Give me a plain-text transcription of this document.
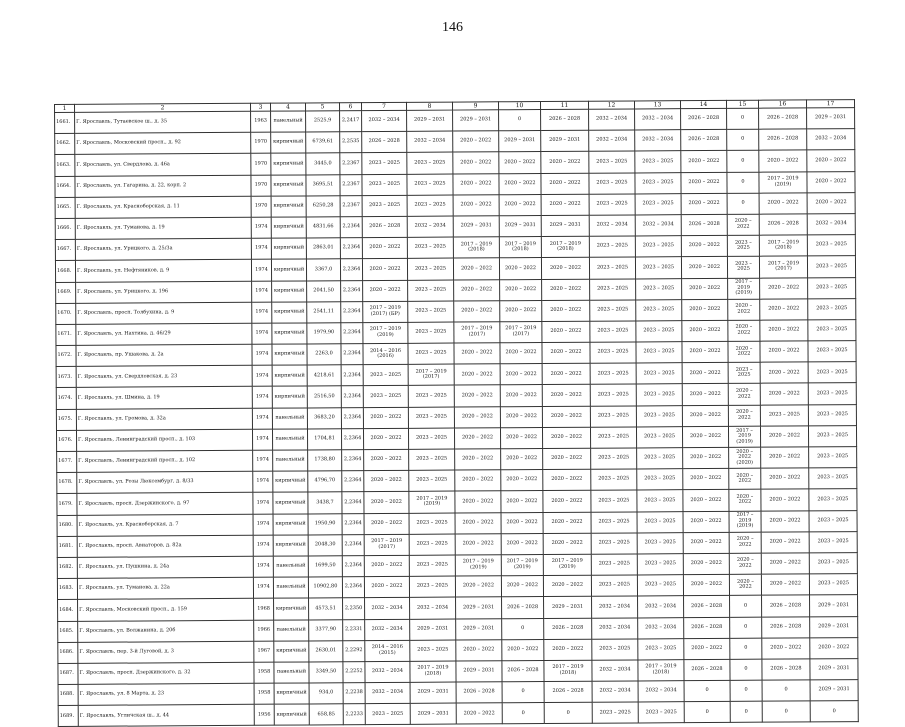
146
1	2	3	4	5	6	7	8	9	10	11	12	13	14	15	16	17
1661.	Г. Ярославль, Тутаевское ш., д. 35	1963	панельный	2525,9	2,2417	2032 – 2034	2029 – 2031	2029 – 2031	0	2026 – 2028	2032 – 2034	2032 – 2034	2026 – 2028	0	2026 – 2028	2029 – 2031
1662.	Г. Ярославль, Московский просп., д. 92	1970	кирпичный	6739,61	2,2535	2026 – 2028	2032 – 2034	2020 – 2022	2029 – 2031	2029 – 2031	2032 – 2034	2032 – 2034	2026 – 2028	0	2026 – 2028	2032 – 2034
1663.	Г. Ярославль, ул. Свердлова, д. 46а	1970	кирпичный	3445,0	2,2367	2023 – 2025	2023 – 2025	2020 – 2022	2020 – 2022	2020 – 2022	2023 – 2025	2023 – 2025	2020 – 2022	0	2020 – 2022	2020 – 2022
1664.	Г. Ярославль, ул. Гагарина, д. 22, корп. 2	1970	кирпичный	3695,51	2,2367	2023 – 2025	2023 – 2025	2020 – 2022	2020 – 2022	2020 – 2022	2023 – 2025	2023 – 2025	2020 – 2022	0	2017 – 2019 (2019)	2020 – 2022
1665.	Г. Ярославль, ул. Красноборская, д. 11	1970	кирпичный	6250,28	2,2367	2023 – 2025	2023 – 2025	2020 – 2022	2020 – 2022	2020 – 2022	2023 – 2025	2023 – 2025	2020 – 2022	0	2020 – 2022	2020 – 2022
1666.	Г. Ярославль, ул. Туманова, д. 19	1974	кирпичный	4831,66	2,2364	2026 – 2028	2032 – 2034	2029 – 2031	2029 – 2031	2029 – 2031	2032 – 2034	2032 – 2034	2026 – 2028	2020 – 2022	2026 – 2028	2032 – 2034
1667.	Г. Ярославль, ул. Урицкого, д. 25/3а	1974	кирпичный	2863,01	2,2364	2020 – 2022	2023 – 2025	2017 – 2019 (2018)	2017 – 2019 (2018)	2017 – 2019 (2018)	2023 – 2025	2023 – 2025	2020 – 2022	2023 – 2025	2017 – 2019 (2018)	2023 – 2025
1668.	Г. Ярославль, ул. Нефтяников, д. 9	1974	кирпичный	3367,0	2,2364	2020 – 2022	2023 – 2025	2020 – 2022	2020 – 2022	2020 – 2022	2023 – 2025	2023 – 2025	2020 – 2022	2023 – 2025	2017 – 2019 (2017)	2023 – 2025
1669.	Г. Ярославль, ул. Урицкого, д. 196	1974	кирпичный	2041,50	2,2364	2020 – 2022	2023 – 2025	2020 – 2022	2020 – 2022	2020 – 2022	2023 – 2025	2023 – 2025	2020 – 2022	2017 – 2019 (2019)	2020 – 2022	2023 – 2025
1670.	Г. Ярославль, просп. Толбухина, д. 9	1974	кирпичный	2541,11	2,2364	2017 – 2019 (2017) (БР)	2023 – 2025	2020 – 2022	2020 – 2022	2020 – 2022	2023 – 2025	2023 – 2025	2020 – 2022	2020 – 2022	2020 – 2022	2023 – 2025
1671.	Г. Ярославль, ул. Нахтина, д. 46/29	1974	кирпичный	1979,90	2,2364	2017 – 2019 (2019)	2023 – 2025	2017 – 2019 (2017)	2017 – 2019 (2017)	2020 – 2022	2023 – 2025	2023 – 2025	2020 – 2022	2020 – 2022	2020 – 2022	2023 – 2025
1672.	Г. Ярославль, пр. Ушакова, д. 2а	1974	кирпичный	2263,0	2,2364	2014 – 2016 (2016)	2023 – 2025	2020 – 2022	2020 – 2022	2020 – 2022	2023 – 2025	2023 – 2025	2020 – 2022	2020 – 2022	2020 – 2022	2023 – 2025
1673.	Г. Ярославль, ул. Свердловская, д. 23	1974	кирпичный	4218,61	2,2364	2023 – 2025	2017 – 2019 (2017)	2020 – 2022	2020 – 2022	2020 – 2022	2023 – 2025	2023 – 2025	2020 – 2022	2023 – 2025	2020 – 2022	2023 – 2025
1674.	Г. Ярославль, ул. Шмина, д. 19	1974	кирпичный	2516,50	2,2364	2023 – 2025	2023 – 2025	2020 – 2022	2020 – 2022	2020 – 2022	2023 – 2025	2023 – 2025	2020 – 2022	2020 – 2022	2020 – 2022	2023 – 2025
1675.	Г. Ярославль, ул. Громова, д. 32а	1974	панельный	3683,20	2,2364	2020 – 2022	2023 – 2025	2020 – 2022	2020 – 2022	2020 – 2022	2023 – 2025	2023 – 2025	2020 – 2022	2020 – 2022	2023 – 2025	2023 – 2025
1676.	Г. Ярославль, Ленинградский просп., д. 103	1974	панельный	1704,81	2,2364	2020 – 2022	2023 – 2025	2020 – 2022	2020 – 2022	2020 – 2022	2023 – 2025	2023 – 2025	2020 – 2022	2017 – 2019 (2019)	2020 – 2022	2023 – 2025
1677.	Г. Ярославль, Ленинградский просп., д. 102	1974	панельный	1738,80	2,2364	2020 – 2022	2023 – 2025	2020 – 2022	2020 – 2022	2020 – 2022	2023 – 2025	2023 – 2025	2020 – 2022	2020 – 2022 (2020)	2020 – 2022	2023 – 2025
1678.	Г. Ярославль, ул. Розы Люксембург, д. 8/33	1974	кирпичный	4796,70	2,2364	2020 – 2022	2023 – 2025	2020 – 2022	2020 – 2022	2020 – 2022	2023 – 2025	2023 – 2025	2020 – 2022	2020 – 2022	2020 – 2022	2023 – 2025
1679.	Г. Ярославль, просп. Дзержинского, д. 97	1974	кирпичный	3438,7	2,2364	2020 – 2022	2017 – 2019 (2019)	2020 – 2022	2020 – 2022	2020 – 2022	2023 – 2025	2023 – 2025	2020 – 2022	2020 – 2022	2020 – 2022	2023 – 2025
1680.	Г. Ярославль, ул. Красноборская, д. 7	1974	кирпичный	1950,90	2,2364	2020 – 2022	2023 – 2025	2020 – 2022	2020 – 2022	2020 – 2022	2023 – 2025	2023 – 2025	2020 – 2022	2017 – 2019 (2019)	2020 – 2022	2023 – 2025
1681.	Г. Ярославль, просп. Авиаторов, д. 82а	1974	кирпичный	2048,30	2,2364	2017 – 2019 (2017)	2023 – 2025	2020 – 2022	2020 – 2022	2020 – 2022	2023 – 2025	2023 – 2025	2020 – 2022	2020 – 2022	2020 – 2022	2023 – 2025
1682.	Г. Ярославль, ул. Пушкина, д. 24а	1974	панельный	1699,50	2,2364	2020 – 2022	2023 – 2025	2017 – 2019 (2019)	2017 – 2019 (2019)	2017 – 2019 (2019)	2023 – 2025	2023 – 2025	2020 – 2022	2020 – 2022	2020 – 2022	2023 – 2025
1683.	Г. Ярославль, ул. Туманова, д. 22а	1974	панельный	10902,80	2,2364	2020 – 2022	2023 – 2025	2020 – 2022	2020 – 2022	2020 – 2022	2023 – 2025	2023 – 2025	2020 – 2022	2020 – 2022	2020 – 2022	2023 – 2025
1684.	Г. Ярославль, Московский просп., д. 159	1968	кирпичный	4573,51	2,2350	2032 – 2034	2032 – 2034	2029 – 2031	2026 – 2028	2029 – 2031	2032 – 2034	2032 – 2034	2026 – 2028	0	2026 – 2028	2029 – 2031
1685.	Г. Ярославль, ул. Волжанина, д. 20б	1966	панельный	3377,90	2,2331	2032 – 2034	2029 – 2031	2029 – 2031	0	2026 – 2028	2032 – 2034	2032 – 2034	2026 – 2028	0	2026 – 2028	2029 – 2031
1686.	Г. Ярославль, пер. 3-й Луговой, д. 3	1967	кирпичный	2630,01	2,2292	2014 – 2016 (2015)	2023 – 2025	2020 – 2022	2020 – 2022	2020 – 2022	2023 – 2025	2023 – 2025	2020 – 2022	0	2020 – 2022	2020 – 2022
1687.	Г. Ярославль, просп. Дзержинского, д. 32	1958	панельный	3349,50	2,2252	2032 – 2034	2017 – 2019 (2018)	2029 – 2031	2026 – 2028	2017 – 2019 (2018)	2032 – 2034	2017 – 2019 (2018)	2026 – 2028	0	2026 – 2028	2029 – 2031
1688.	Г. Ярославль, ул. 8 Марта, д. 23	1958	кирпичный	934,0	2,2238	2032 – 2034	2029 – 2031	2026 – 2028	0	2026 – 2028	2032 – 2034	2032 – 2034	0	0	0	2029 – 2031
1689.	Г. Ярославль, Угличская ш., д. 44	1956	кирпичный	658,85	2,2233	2023 – 2025	2029 – 2031	2020 – 2022	0	0	2023 – 2025	2023 – 2025	0	0	0	0
